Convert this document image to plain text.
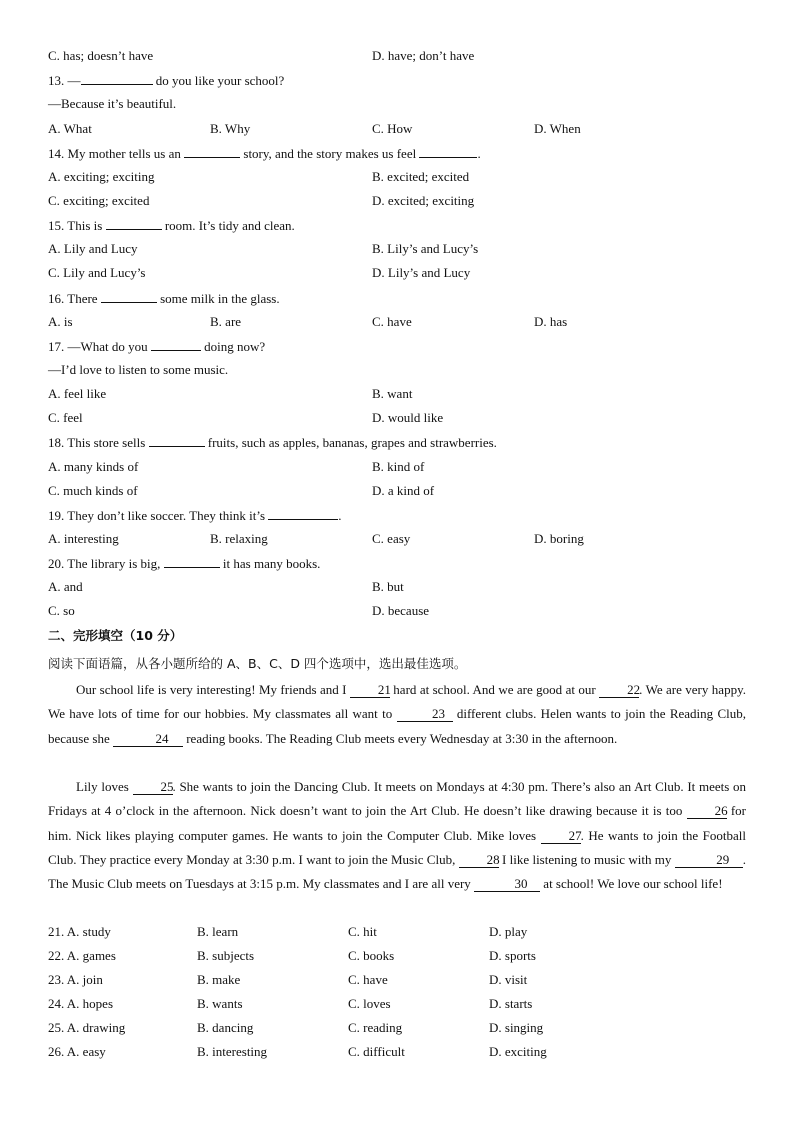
C. has; doesn’t have	D. have; don’t have
13. —	do you like your school?
—Because it’s beautiful.
A. What	B. Why	C. How	D. When
14. My mother tells us an	story, and the story makes us feel	.
A. exciting; exciting	B. excited; excited
C. exciting; excited	D. excited; exciting
15. This is	room. It’s tidy and clean.
A. Lily and Lucy	B. Lily’s and Lucy’s
C. Lily and Lucy’s	D. Lily’s and Lucy
16. There	some milk in the glass.
A. is	B. are	C. have	D. has
17. —What do you	doing now?
—I’d love to listen to some music.
A. feel like	B. want
C. feel	D. would like
18. This store sells	fruits, such as apples, bananas, grapes and strawberries.
A. many kinds of	B. kind of
C. much kinds of	D. a kind of
19. They don’t like soccer. They think it’s	.
A. interesting	B. relaxing	C. easy	D. boring
20. The library is big,	it has many books.
A. and	B. but
C. so	D. because
二、完形填空（10 分）
阅读下面语篇，从各小题所给的 A、B、C、D 四个选项中，选出最佳选项。
Our school life is very interesting! My friends and I 21 hard at school. And we are good at our 22. We are very happy. We have lots of time for our hobbies. My classmates all want to	23 different clubs. Helen wants to join the Reading Club, because she	24 reading books. The Reading Club meets every Wednesday at 3:30 in the afternoon.
Lily loves 25. She wants to join the Dancing Club. It meets on Mondays at 4:30 pm. There’s also an Art Club. It meets on Fridays at 4 o’clock in the afternoon. Nick doesn’t want to join the Art Club. He doesn’t like drawing because it is too 26 for him. Nick likes playing computer games. He wants to join the Computer Club. Mike loves 27. He wants to join the Football Club. They practice every Monday at 3:30 p.m. I want to join the Music Club, 28 I like listening to music with my	29 . The Music Club meets on Tuesdays at 3:15 p.m. My classmates and I are all very	30 at school! We love our school life!
21. A. study	B. learn	C. hit	D. play
22. A. games	B. subjects	C. books	D. sports
23. A. join	B. make	C. have	D. visit
24. A. hopes	B. wants	C. loves	D. starts
25. A. drawing	B. dancing	C. reading	D. singing
26. A. easy	B. interesting	C. difficult	D. exciting
